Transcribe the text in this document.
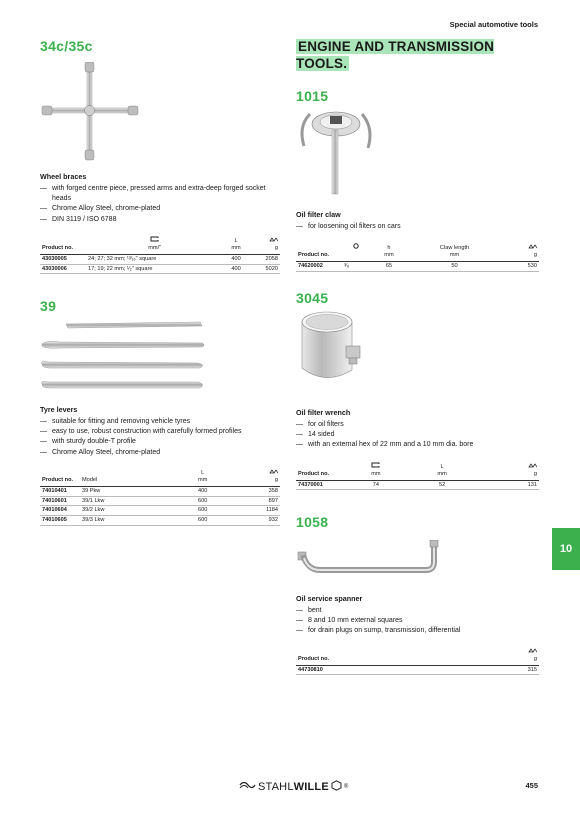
Special automotive tools
34c/35c
Wheel braces
— with forged centre piece, pressed arms and extra-deep forged socket heads
— Chrome Alloy Steel, chrome-plated
— DIN 3119 / ISO 6788
Product no.	mm/"	L
mm	g

43030005	24; 27; 32 mm; ¹³⁄₁₆" square	400	2058
43030006	17; 19; 22 mm; ¹⁄₂" square	400	5020
39
Tyre levers
— suitable for fitting and removing vehicle tyres
— easy to use, robust construction with carefully formed profiles
— with sturdy double-T profile
— Chrome Alloy Steel, chrome-plated
Product no.	Model	L
mm	g

74010401	39 Pkw	400	358
74010601	39/1 Lkw	600	897
74010604	39/2 Lkw	600	1184
74010605	39/3 Lkw	600	932
ENGINE AND TRANSMISSION TOOLS.
1015
Oil filter claw
— for loosening oil filters on cars
Product no.		h
mm	Claw length
mm	g

74620002	³⁄₈	65	50	530
3045
Oil filter wrench
— for oil filters
— 14 sided
— with an external hex of 22 mm and a 10 mm dia. bore
Product no.	mm	L
mm	g

74370001	74	52	131
1058
Oil service spanner
— bent
— 8 and 10 mm external squares
— for drain plugs on sump, transmission, differential
Product no.	g

44730810	315
10
STAHLWILLE	®	455
